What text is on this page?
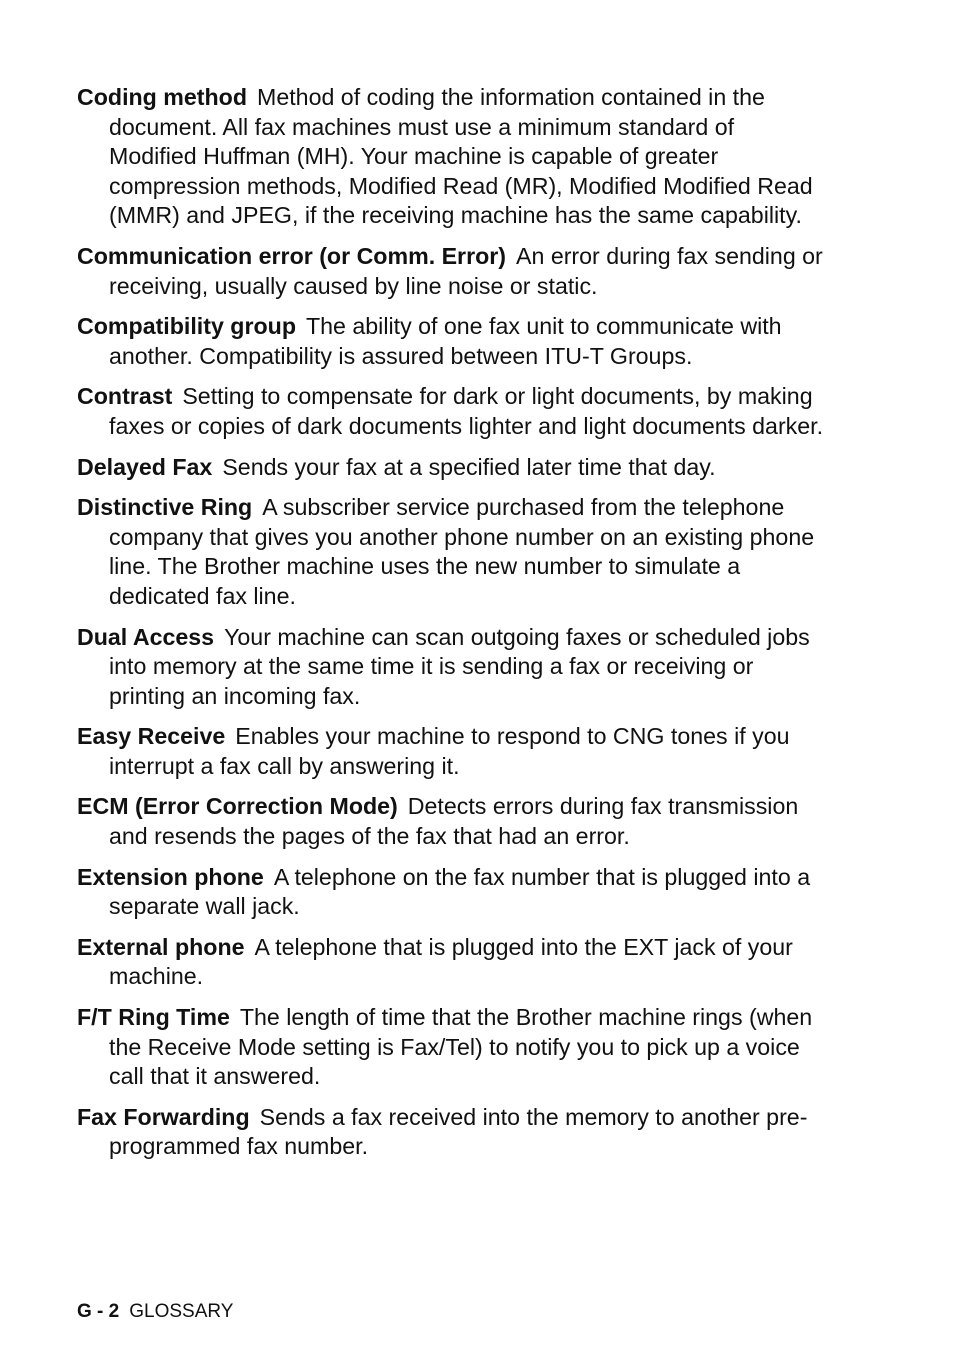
Coding method Method of coding the information contained in the document. All fax machines must use a minimum standard of Modified Huffman (MH). Your machine is capable of greater compression methods, Modified Read (MR), Modified Modified Read (MMR) and JPEG, if the receiving machine has the same capability.

Communication error (or Comm. Error) An error during fax sending or receiving, usually caused by line noise or static.

Compatibility group The ability of one fax unit to communicate with another. Compatibility is assured between ITU-T Groups.

Contrast Setting to compensate for dark or light documents, by making faxes or copies of dark documents lighter and light documents darker.

Delayed Fax Sends your fax at a specified later time that day.

Distinctive Ring A subscriber service purchased from the telephone company that gives you another phone number on an existing phone line. The Brother machine uses the new number to simulate a dedicated fax line.

Dual Access Your machine can scan outgoing faxes or scheduled jobs into memory at the same time it is sending a fax or receiving or printing an incoming fax.

Easy Receive Enables your machine to respond to CNG tones if you interrupt a fax call by answering it.

ECM (Error Correction Mode) Detects errors during fax transmission and resends the pages of the fax that had an error.

Extension phone A telephone on the fax number that is plugged into a separate wall jack.

External phone A telephone that is plugged into the EXT jack of your machine.

F/T Ring Time The length of time that the Brother machine rings (when the Receive Mode setting is Fax/Tel) to notify you to pick up a voice call that it answered.

Fax Forwarding Sends a fax received into the memory to another pre-programmed fax number.

G - 2 GLOSSARY
